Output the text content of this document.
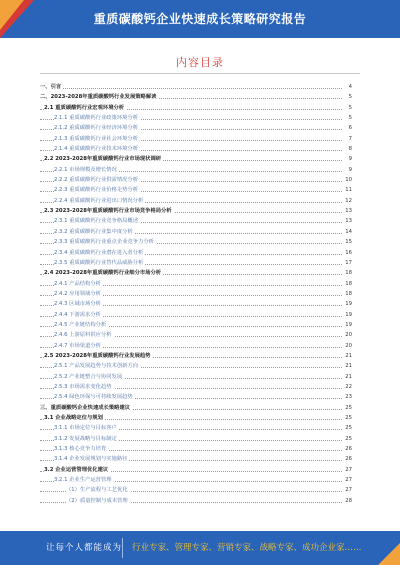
重质碳酸钙企业快速成长策略研究报告
内容目录
一、引言	4
二、2023-2028年重质碳酸钙行业发展策略解读	5
2.1 重质碳酸钙行业宏观环境分析	5
2.1.1 重质碳酸钙行业政策环境分析	5
2.1.2 重质碳酸钙行业经济环境分析	6
2.1.3 重质碳酸钙行业社会环境分析	7
2.1.4 重质碳酸钙行业技术环境分析	8
2.2 2023-2028年重质碳酸钙行业市场现状调研	9
2.2.1 市场规模及增长情况	9
2.2.2 重质碳酸钙行业供需情况分析	10
2.2.3 重质碳酸钙行业价格走势分析	11
2.2.4 重质碳酸钙行业进出口情况分析	12
2.3 2023-2028年重质碳酸钙行业市场竞争格局分析	13
2.3.1 重质碳酸钙行业竞争格局概述	13
2.3.2 重质碳酸钙行业集中度分析	14
2.3.3 重质碳酸钙行业重点企业竞争力分析	15
2.3.4 重质碳酸钙行业潜在进入者分析	16
2.3.5 重质碳酸钙行业替代品威胁分析	17
2.4 2023-2028年重质碳酸钙行业细分市场分析	18
2.4.1 产品结构分析	18
2.4.2 应用领域分析	18
2.4.3 区域市场分析	19
2.4.4 下游需求分析	19
2.4.5 产业链结构分析	19
2.4.6 上游原料供应分析	20
2.4.7 市场渠道分析	20
2.5 2023-2028年重质碳酸钙行业发展趋势	21
2.5.1 产品发展趋势与技术创新方向	21
2.5.2 产业链整合与协同发展	21
2.5.3 市场需求变化趋势	22
2.5.4 绿色环保与可持续发展趋势	23
三、重质碳酸钙企业快速成长策略建议	25
3.1 企业战略定位与规划	25
3.1.1 市场定位与目标客户	25
3.1.2 发展战略与目标制定	25
3.1.3 核心竞争力培育	26
3.1.4 企业发展规划与实施路径	26
3.2 企业运营管理优化建议	27
3.2.1 企业生产运营管理	27
（1）生产流程与工艺优化	27
（2）质量控制与成本管理	28
让每个人都能成为 行业专家、管理专家、营销专家、战略专家、成功企业家……
